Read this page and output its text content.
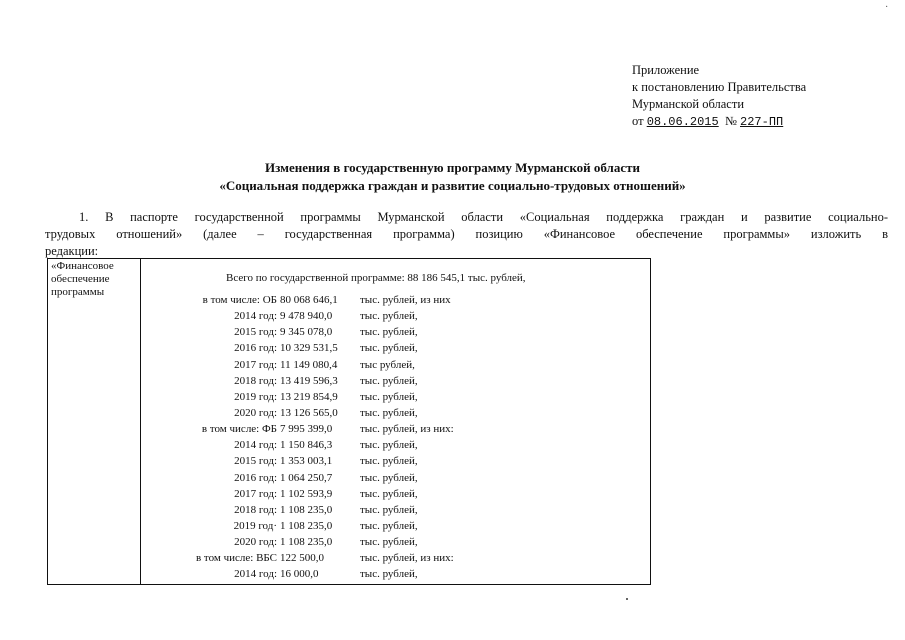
·
Приложение
к постановлению Правительства
Мурманской области
от 08.06.2015 № 227-ПП
Изменения в государственную программу Мурманской области
«Социальная поддержка граждан и развитие социально-трудовых отношений»
1. В паспорте государственной программы Мурманской области «Социальная поддержка граждан и развитие социально-
трудовых отношений» (далее – государственная программа) позицию «Финансовое обеспечение программы» изложить в
редакции:
«Финансовое обеспечение программы
Всего по государственной программе: 88 186 545,1 тыс. рублей,
в том числе: ОБ 80 068 646,1 тыс. рублей, из них
2014 год: 9 478 940,0	тыс. рублей,
2015 год: 9 345 078,0	тыс. рублей,
2016 год: 10 329 531,5 тыс. рублей,
2017 год: 11 149 080,4 тыс рублей,
2018 год: 13 419 596,3 тыс. рублей,
2019 год: 13 219 854,9 тыс. рублей,
2020 год: 13 126 565,0 тыс. рублей,
в том числе: ФБ 7 995 399,0	тыс. рублей, из них:
2014 год: 1 150 846,3	тыс. рублей,
2015 год: 1 353 003,1	тыс. рублей,
2016 год: 1 064 250,7	тыс. рублей,
2017 год: 1 102 593,9	тыс. рублей,
2018 год: 1 108 235,0	тыс. рублей,
2019 год· 1 108 235,0	тыс. рублей,
2020 год: 1 108 235,0	тыс. рублей,
в том числе: ВБС 122 500,0	тыс. рублей, из них:
2014 год: 16 000,0	тыс. рублей,
